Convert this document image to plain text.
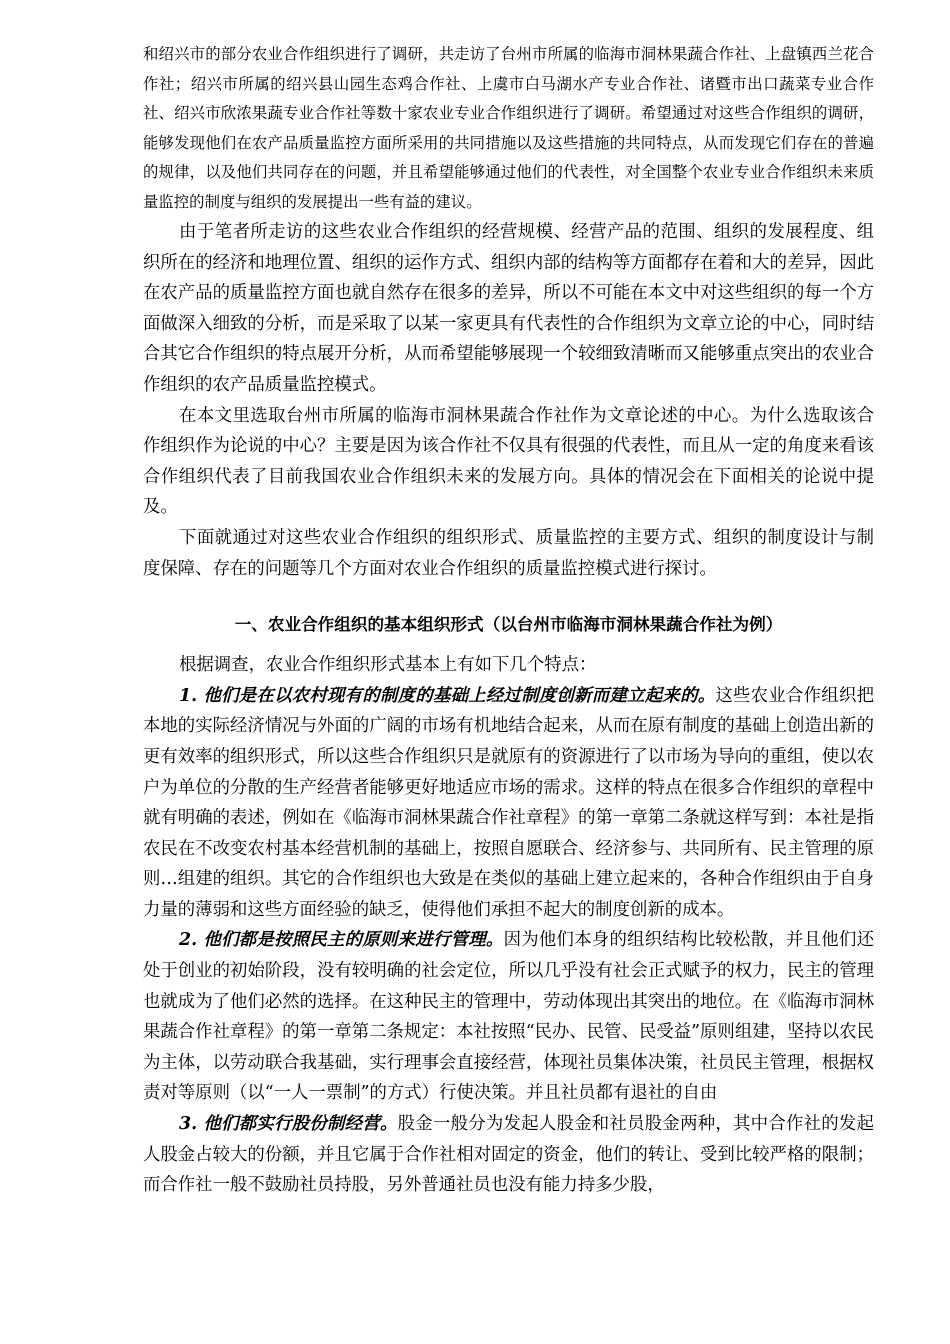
和绍兴市的部分农业合作组织进行了调研，共走访了台州市所属的临海市洞林果蔬合作社、上盘镇西兰花合作社；绍兴市所属的绍兴县山园生态鸡合作社、上虞市白马湖水产专业合作社、诸暨市出口蔬菜专业合作社、绍兴市欣浓果蔬专业合作社等数十家农业专业合作组织进行了调研。希望通过对这些合作组织的调研，能够发现他们在农产品质量监控方面所采用的共同措施以及这些措施的共同特点，从而发现它们存在的普遍的规律，以及他们共同存在的问题，并且希望能够通过他们的代表性，对全国整个农业专业合作组织未来质量监控的制度与组织的发展提出一些有益的建议。

由于笔者所走访的这些农业合作组织的经营规模、经营产品的范围、组织的发展程度、组织所在的经济和地理位置、组织的运作方式、组织内部的结构等方面都存在着和大的差异，因此在农产品的质量监控方面也就自然存在很多的差异，所以不可能在本文中对这些组织的每一个方面做深入细致的分析，而是采取了以某一家更具有代表性的合作组织为文章立论的中心，同时结合其它合作组织的特点展开分析，从而希望能够展现一个较细致清晰而又能够重点突出的农业合作组织的农产品质量监控模式。

在本文里选取台州市所属的临海市洞林果蔬合作社作为文章论述的中心。为什么选取该合作组织作为论说的中心？主要是因为该合作社不仅具有很强的代表性，而且从一定的角度来看该合作组织代表了目前我国农业合作组织未来的发展方向。具体的情况会在下面相关的论说中提及。

下面就通过对这些农业合作组织的组织形式、质量监控的主要方式、组织的制度设计与制度保障、存在的问题等几个方面对农业合作组织的质量监控模式进行探讨。

一、农业合作组织的基本组织形式（以台州市临海市洞林果蔬合作社为例）

根据调查，农业合作组织形式基本上有如下几个特点：

1. 他们是在以农村现有的制度的基础上经过制度创新而建立起来的。这些农业合作组织把本地的实际经济情况与外面的广阔的市场有机地结合起来，从而在原有制度的基础上创造出新的更有效率的组织形式，所以这些合作组织只是就原有的资源进行了以市场为导向的重组，使以农户为单位的分散的生产经营者能够更好地适应市场的需求。这样的特点在很多合作组织的章程中就有明确的表述，例如在《临海市洞林果蔬合作社章程》的第一章第二条就这样写到：本社是指农民在不改变农村基本经营机制的基础上，按照自愿联合、经济参与、共同所有、民主管理的原则…组建的组织。其它的合作组织也大致是在类似的基础上建立起来的，各种合作组织由于自身力量的薄弱和这些方面经验的缺乏，使得他们承担不起大的制度创新的成本。

2. 他们都是按照民主的原则来进行管理。因为他们本身的组织结构比较松散，并且他们还处于创业的初始阶段，没有较明确的社会定位，所以几乎没有社会正式赋予的权力，民主的管理也就成为了他们必然的选择。在这种民主的管理中，劳动体现出其突出的地位。在《临海市洞林果蔬合作社章程》的第一章第二条规定：本社按照“民办、民管、民受益”原则组建，坚持以农民为主体，以劳动联合我基础，实行理事会直接经营，体现社员集体决策，社员民主管理，根据权责对等原则（以“一人一票制”的方式）行使决策。并且社员都有退社的自由

3. 他们都实行股份制经营。股金一般分为发起人股金和社员股金两种，其中合作社的发起人股金占较大的份额，并且它属于合作社相对固定的资金，他们的转让、受到比较严格的限制；而合作社一般不鼓励社员持股，另外普通社员也没有能力持多少股，
